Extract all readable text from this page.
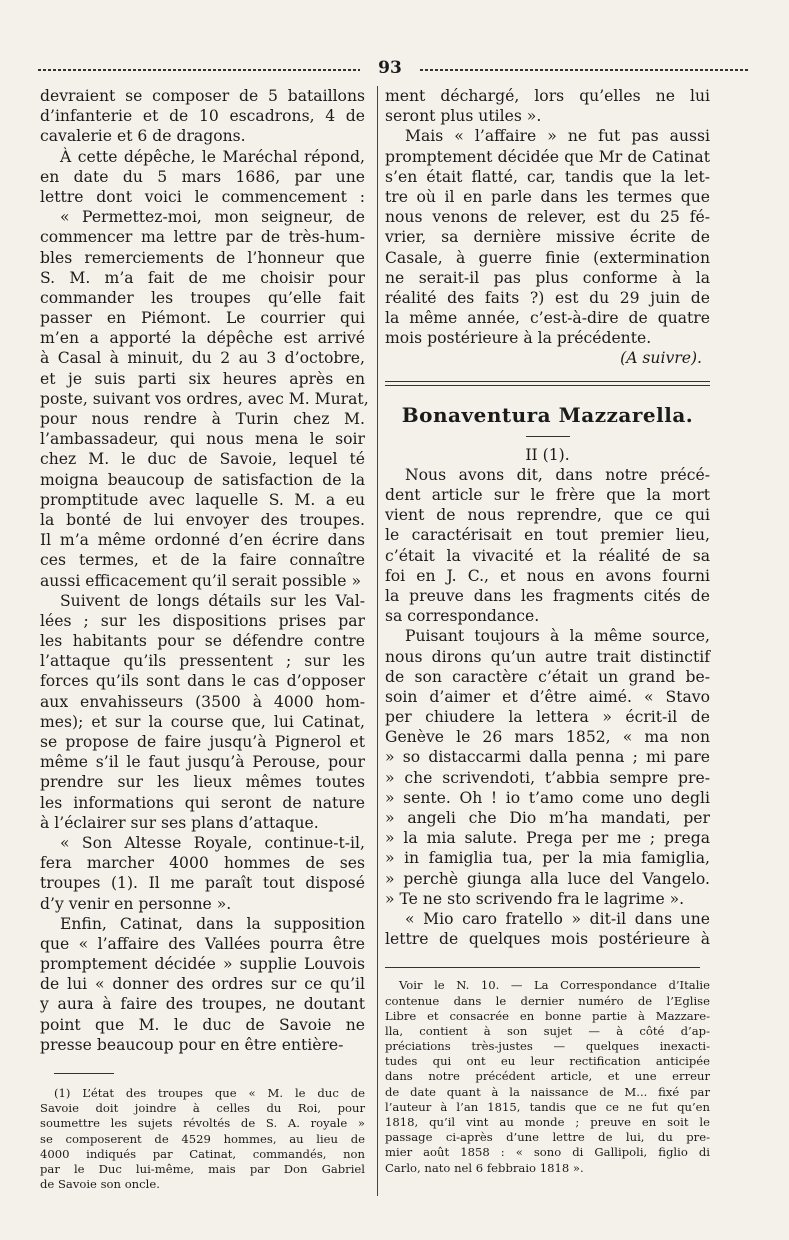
93

devraient se composer de 5 bataillons

d’infanterie et de 10 escadrons, 4 de

cavalerie et 6 de dragons.

À cette dépêche, le Maréchal répond,

en date du 5 mars 1686, par une

lettre dont voici le commencement :

« Permettez-moi, mon seigneur, de

commencer ma lettre par de très-hum-

bles remerciements de l’honneur que

S. M. m’a fait de me choisir pour

commander les troupes qu’elle fait

passer en Piémont. Le courrier qui

m’en a apporté la dépêche est arrivé

à Casal à minuit, du 2 au 3 d’octobre,

et je suis parti six heures après en

poste, suivant vos ordres, avec M. Murat,

pour nous rendre à Turin chez M.

l’ambassadeur, qui nous mena le soir

chez M. le duc de Savoie, lequel té

moigna beaucoup de satisfaction de la

promptitude avec laquelle S. M. a eu

la bonté de lui envoyer des troupes.

Il m’a même ordonné d’en écrire dans

ces termes, et de la faire connaître

aussi efficacement qu’il serait possible »

Suivent de longs détails sur les Val-

lées ; sur les dispositions prises par

les habitants pour se défendre contre

l’attaque qu’ils pressentent ; sur les

forces qu’ils sont dans le cas d’opposer

aux envahisseurs (3500 à 4000 hom-

mes); et sur la course que, lui Catinat,

se propose de faire jusqu’à Pignerol et

même s’il le faut jusqu’à Perouse, pour

prendre sur les lieux mêmes toutes

les informations qui seront de nature

à l’éclairer sur ses plans d’attaque.

« Son Altesse Royale, continue-t-il,

fera marcher 4000 hommes de ses

troupes (1). Il me paraît tout disposé

d’y venir en personne ».

Enfin, Catinat, dans la supposition

que « l’affaire des Vallées pourra être

promptement décidée » supplie Louvois

de lui « donner des ordres sur ce qu’il

y aura à faire des troupes, ne doutant

point que M. le duc de Savoie ne

presse beaucoup pour en être entière-

(1) L’état des troupes que « M. le duc de

Savoie doit joindre à celles du Roi, pour

soumettre les sujets révoltés de S. A. royale »

se composerent de 4529 hommes, au lieu de

4000 indiqués par Catinat, commandés, non

par le Duc lui-même, mais par Don Gabriel

de Savoie son oncle.

ment déchargé, lors qu’elles ne lui

seront plus utiles ».

Mais « l’affaire » ne fut pas aussi

promptement décidée que Mr de Catinat

s’en était flatté, car, tandis que la let-

tre où il en parle dans les termes que

nous venons de relever, est du 25 fé-

vrier, sa dernière missive écrite de

Casale, à guerre finie (extermination

ne serait-il pas plus conforme à la

réalité des faits ?) est du 29 juin de

la même année, c’est-à-dire de quatre

mois postérieure à la précédente.

(A suivre).

Bonaventura Mazzarella.

II (1).

Nous avons dit, dans notre précé-

dent article sur le frère que la mort

vient de nous reprendre, que ce qui

le caractérisait en tout premier lieu,

c’était la vivacité et la réalité de sa

foi en J. C., et nous en avons fourni

la preuve dans les fragments cités de

sa correspondance.

Puisant toujours à la même source,

nous dirons qu’un autre trait distinctif

de son caractère c’était un grand be-

soin d’aimer et d’être aimé. « Stavo

per chiudere la lettera » écrit-il de

Genève le 26 mars 1852, « ma non

» so distaccarmi dalla penna ; mi pare

» che scrivendoti, t’abbia sempre pre-

» sente. Oh ! io t’amo come uno degli

» angeli che Dio m’ha mandati, per

» la mia salute. Prega per me ; prega

» in famiglia tua, per la mia famiglia,

» perchè giunga alla luce del Vangelo.

» Te ne sto scrivendo fra le lagrime ».

« Mio caro fratello » dit-il dans une

lettre de quelques mois postérieure à

Voir le N. 10. — La Correspondance d’Italie

contenue dans le dernier numéro de l’Eglise

Libre et consacrée en bonne partie à Mazzare-

lla, contient à son sujet — à côté d’ap-

préciations très-justes — quelques inexacti-

tudes qui ont eu leur rectification anticipée

dans notre précédent article, et une erreur

de date quant à la naissance de M... fixé par

l’auteur à l’an 1815, tandis que ce ne fut qu’en

1818, qu’il vint au monde ; preuve en soit le

passage ci-après d’une lettre de lui, du pre-

mier août 1858 : « sono di Gallipoli, figlio di

Carlo, nato nel 6 febbraio 1818 ».
